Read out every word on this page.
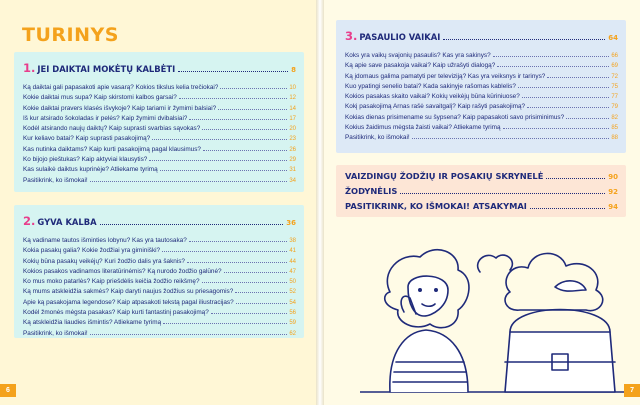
TURINYS
1. JEI DAIKTAI MOKĖTŲ KALBĖTI	8
Ką daiktai gali papasakoti apie vasarą? Kokios tikslus kelia trečiokai?	10
Kokie daiktai mus supa? Kaip skirstomi kalbos garsai?	12
Kokie daiktai pravers klasės išvykoje? Kaip tariami ir žymimi balsiai?	14
Iš kur atsirado šokoladas ir pelės? Kaip žymimi dvibalsiai?	17
Kodėl atsirando naujų daiktų? Kaip suprasti svarbias sąvokas?	20
Kur keliavo batai? Kaip suprasti pasakojimą?	23
Kas nutinka daiktams? Kaip kurti pasakojimą pagal klausimus?	26
Ko bijojo pieštukas? Kaip aktyviai klausytis?	29
Kas sulaikė daiktus kuprinėje? Atliekame tyrimą	31
Pasitikrink, ko išmokai!	34
2. GYVA KALBA	36
Ką vadiname tautos išminties lobynu? Kas yra tautosaka?	38
Kokia pasakų galia? Kokie žodžiai yra giminiški?	41
Kokių būna pasakų veikėjų? Kuri žodžio dalis yra šaknis?	44
Kokios pasakos vadinamos literatūrinėmis? Ką nurodo žodžio galūnė?	47
Ko mus moko patarlės? Kaip priešdėlis keičia žodžio reikšmę?	50
Ką mums atskleidžia sakmės? Kaip daryti naujus žodžius su priesagomis?	52
Apie ką pasakojama legendose? Kaip atpasakoti tekstą pagal iliustracijas?	54
Kodėl žmonės mėgsta pasakas? Kaip kurti fantastinį pasakojimą?	56
Ką atskleidžia liaudies išmintis? Atliekame tyrimą	59
Pasitikrink, ko išmokai!	62
3. PASAULIO VAIKAI	64
Koks yra vaikų svajonių pasaulis? Kas yra sakinys?	66
Ką apie save pasakoja vaikai? Kaip užrašyti dialogą?	69
Ką įdomaus galima pamatyti per televiziją? Kas yra veiksnys ir tarinys?	72
Kuo ypatingi senelio batai? Kada sakinyje rašomas kablelis?	75
Kokios pasakas skaito vaikai? Kokių veikėjų būna kūriniuose?	77
Kokį pasakojimą Arnas rašė savaitgalį? Kaip rašyti pasakojimą?	79
Kokias dienas prisimename su šypsena? Kaip papasakoti savo prisiminimus?	82
Kokius žaidimus mėgsta žaisti vaikai? Atliekame tyrimą	85
Pasitikrink, ko išmokai!	88
VAIZDINGŲ ŽODŽIŲ IR POSAKIŲ SKRYNELĖ	90
ŽODYNĖLIS	92
PASITIKRINK, KO IŠMOKAI! ATSAKYMAI	94
6	7
